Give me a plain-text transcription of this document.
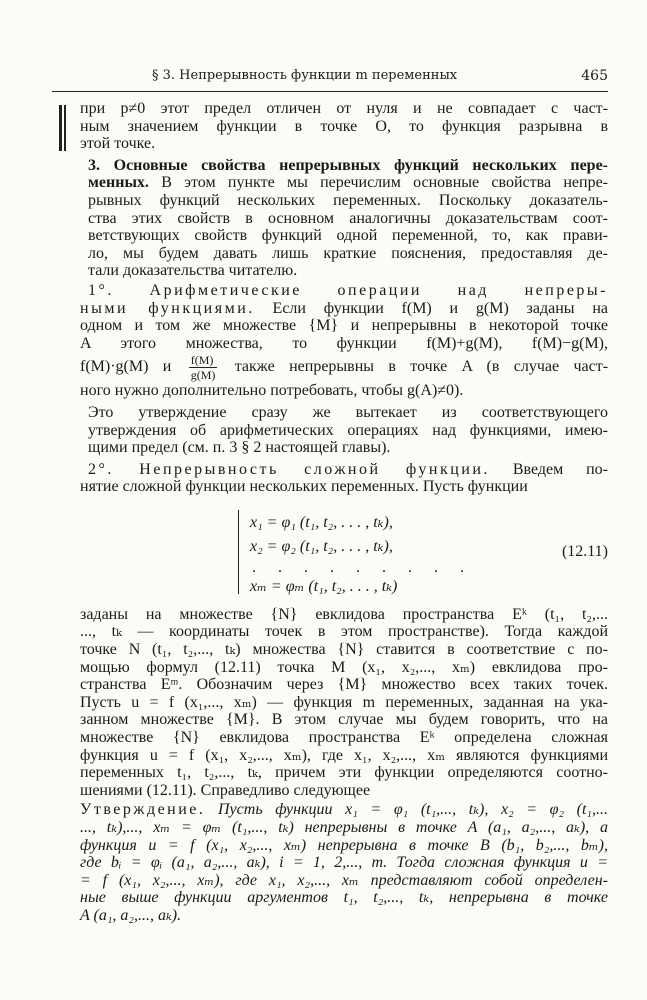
§ 3. Непрерывность функции m переменных	465

при p≠0 этот предел отличен от нуля и не совпадает с част-
ным значением функции в точке O, то функция разрывна в
этой точке.

3. Основные свойства непрерывных функций нескольких пере-
менных. В этом пункте мы перечислим основные свойства непре-
рывных функций нескольких переменных. Поскольку доказатель-
ства этих свойств в основном аналогичны доказательствам соот-
ветствующих свойств функций одной переменной, то, как прави-
ло, мы будем давать лишь краткие пояснения, предоставляя де-
тали доказательства читателю.

1°. Арифметические операции над непреры-
ными функциями. Если функции f(M) и g(M) заданы на
одном и том же множестве {M} и непрерывны в некоторой точке
A этого множества, то функции f(M)+g(M), f(M)−g(M),
f(M)·g(M) и $\frac{f(M)}{g(M)}$ также непрерывны в точке A (в случае част-
ного нужно дополнительно потребовать, чтобы g(A)≠0).

Это утверждение сразу же вытекает из соответствующего
утверждения об арифметических операциях над функциями, имею-
щими предел (см. п. 3 § 2 настоящей главы).

2°. Непрерывность сложной функции. Введем по-
нятие сложной функции нескольких переменных. Пусть функции

x₁ = φ₁ (t₁, t₂, . . . , tₖ),
x₂ = φ₂ (t₁, t₂, . . . , tₖ),
. . . . . . . . .
xₘ = φₘ (t₁, t₂, . . . , tₖ)
(12.11)

заданы на множестве {N} евклидова пространства Eᵏ (t₁, t₂,...
..., tₖ — координаты точек в этом пространстве). Тогда каждой
точке N (t₁, t₂,..., tₖ) множества {N} ставится в соответствие с по-
мощью формул (12.11) точка M (x₁, x₂,..., xₘ) евклидова про-
странства Eᵐ. Обозначим через {M} множество всех таких точек.
Пусть u = f (x₁,..., xₘ) — функция m переменных, заданная на ука-
занном множестве {M}. В этом случае мы будем говорить, что на
множестве {N} евклидова пространства Eᵏ определена сложная
функция u = f (x₁, x₂,..., xₘ), где x₁, x₂,..., xₘ являются функциями
переменных t₁, t₂,..., tₖ, причем эти функции определяются соотно-
шениями (12.11). Справедливо следующее

Утверждение. Пусть функции x₁ = φ₁ (t₁,..., tₖ), x₂ = φ₂ (t₁,...
..., tₖ),..., xₘ = φₘ (t₁,..., tₖ) непрерывны в точке A (a₁, a₂,..., aₖ), а
функция u = f (x₁, x₂,..., xₘ) непрерывна в точке B (b₁, b₂,..., bₘ),
где bᵢ = φᵢ (a₁, a₂,..., aₖ), i = 1, 2,..., m. Тогда сложная функция u =
= f (x₁, x₂,..., xₘ), где x₁, x₂,..., xₘ представляют собой определен-
ные выше функции аргументов t₁, t₂,..., tₖ, непрерывна в точке
A (a₁, a₂,..., aₖ).
